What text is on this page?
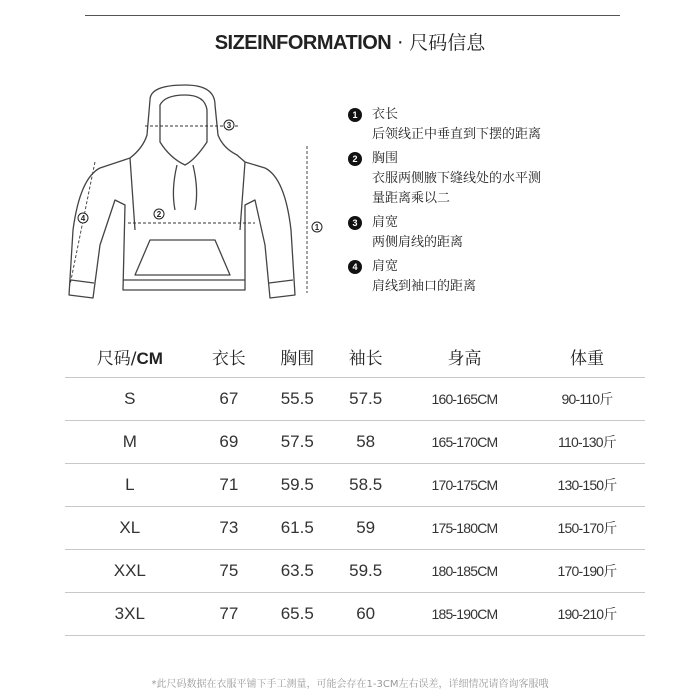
SIZEINFORMATION · 尺码信息
3
2
1
4
1 衣长
后领线正中垂直到下摆的距离
2 胸围
衣服两侧腋下缝线处的水平测
量距离乘以二
3 肩宽
两侧肩线的距离
4 肩宽
肩线到袖口的距离
尺码/CM	衣长	胸围	袖长	身高	体重
S	67	55.5	57.5	160-165CM	90-110斤
M	69	57.5	58	165-170CM	110-130斤
L	71	59.5	58.5	170-175CM	130-150斤
XL	73	61.5	59	175-180CM	150-170斤
XXL	75	63.5	59.5	180-185CM	170-190斤
3XL	77	65.5	60	185-190CM	190-210斤
*此尺码数据在衣服平铺下手工测量，可能会存在1-3CM左右误差，详细情况请咨询客服哦
